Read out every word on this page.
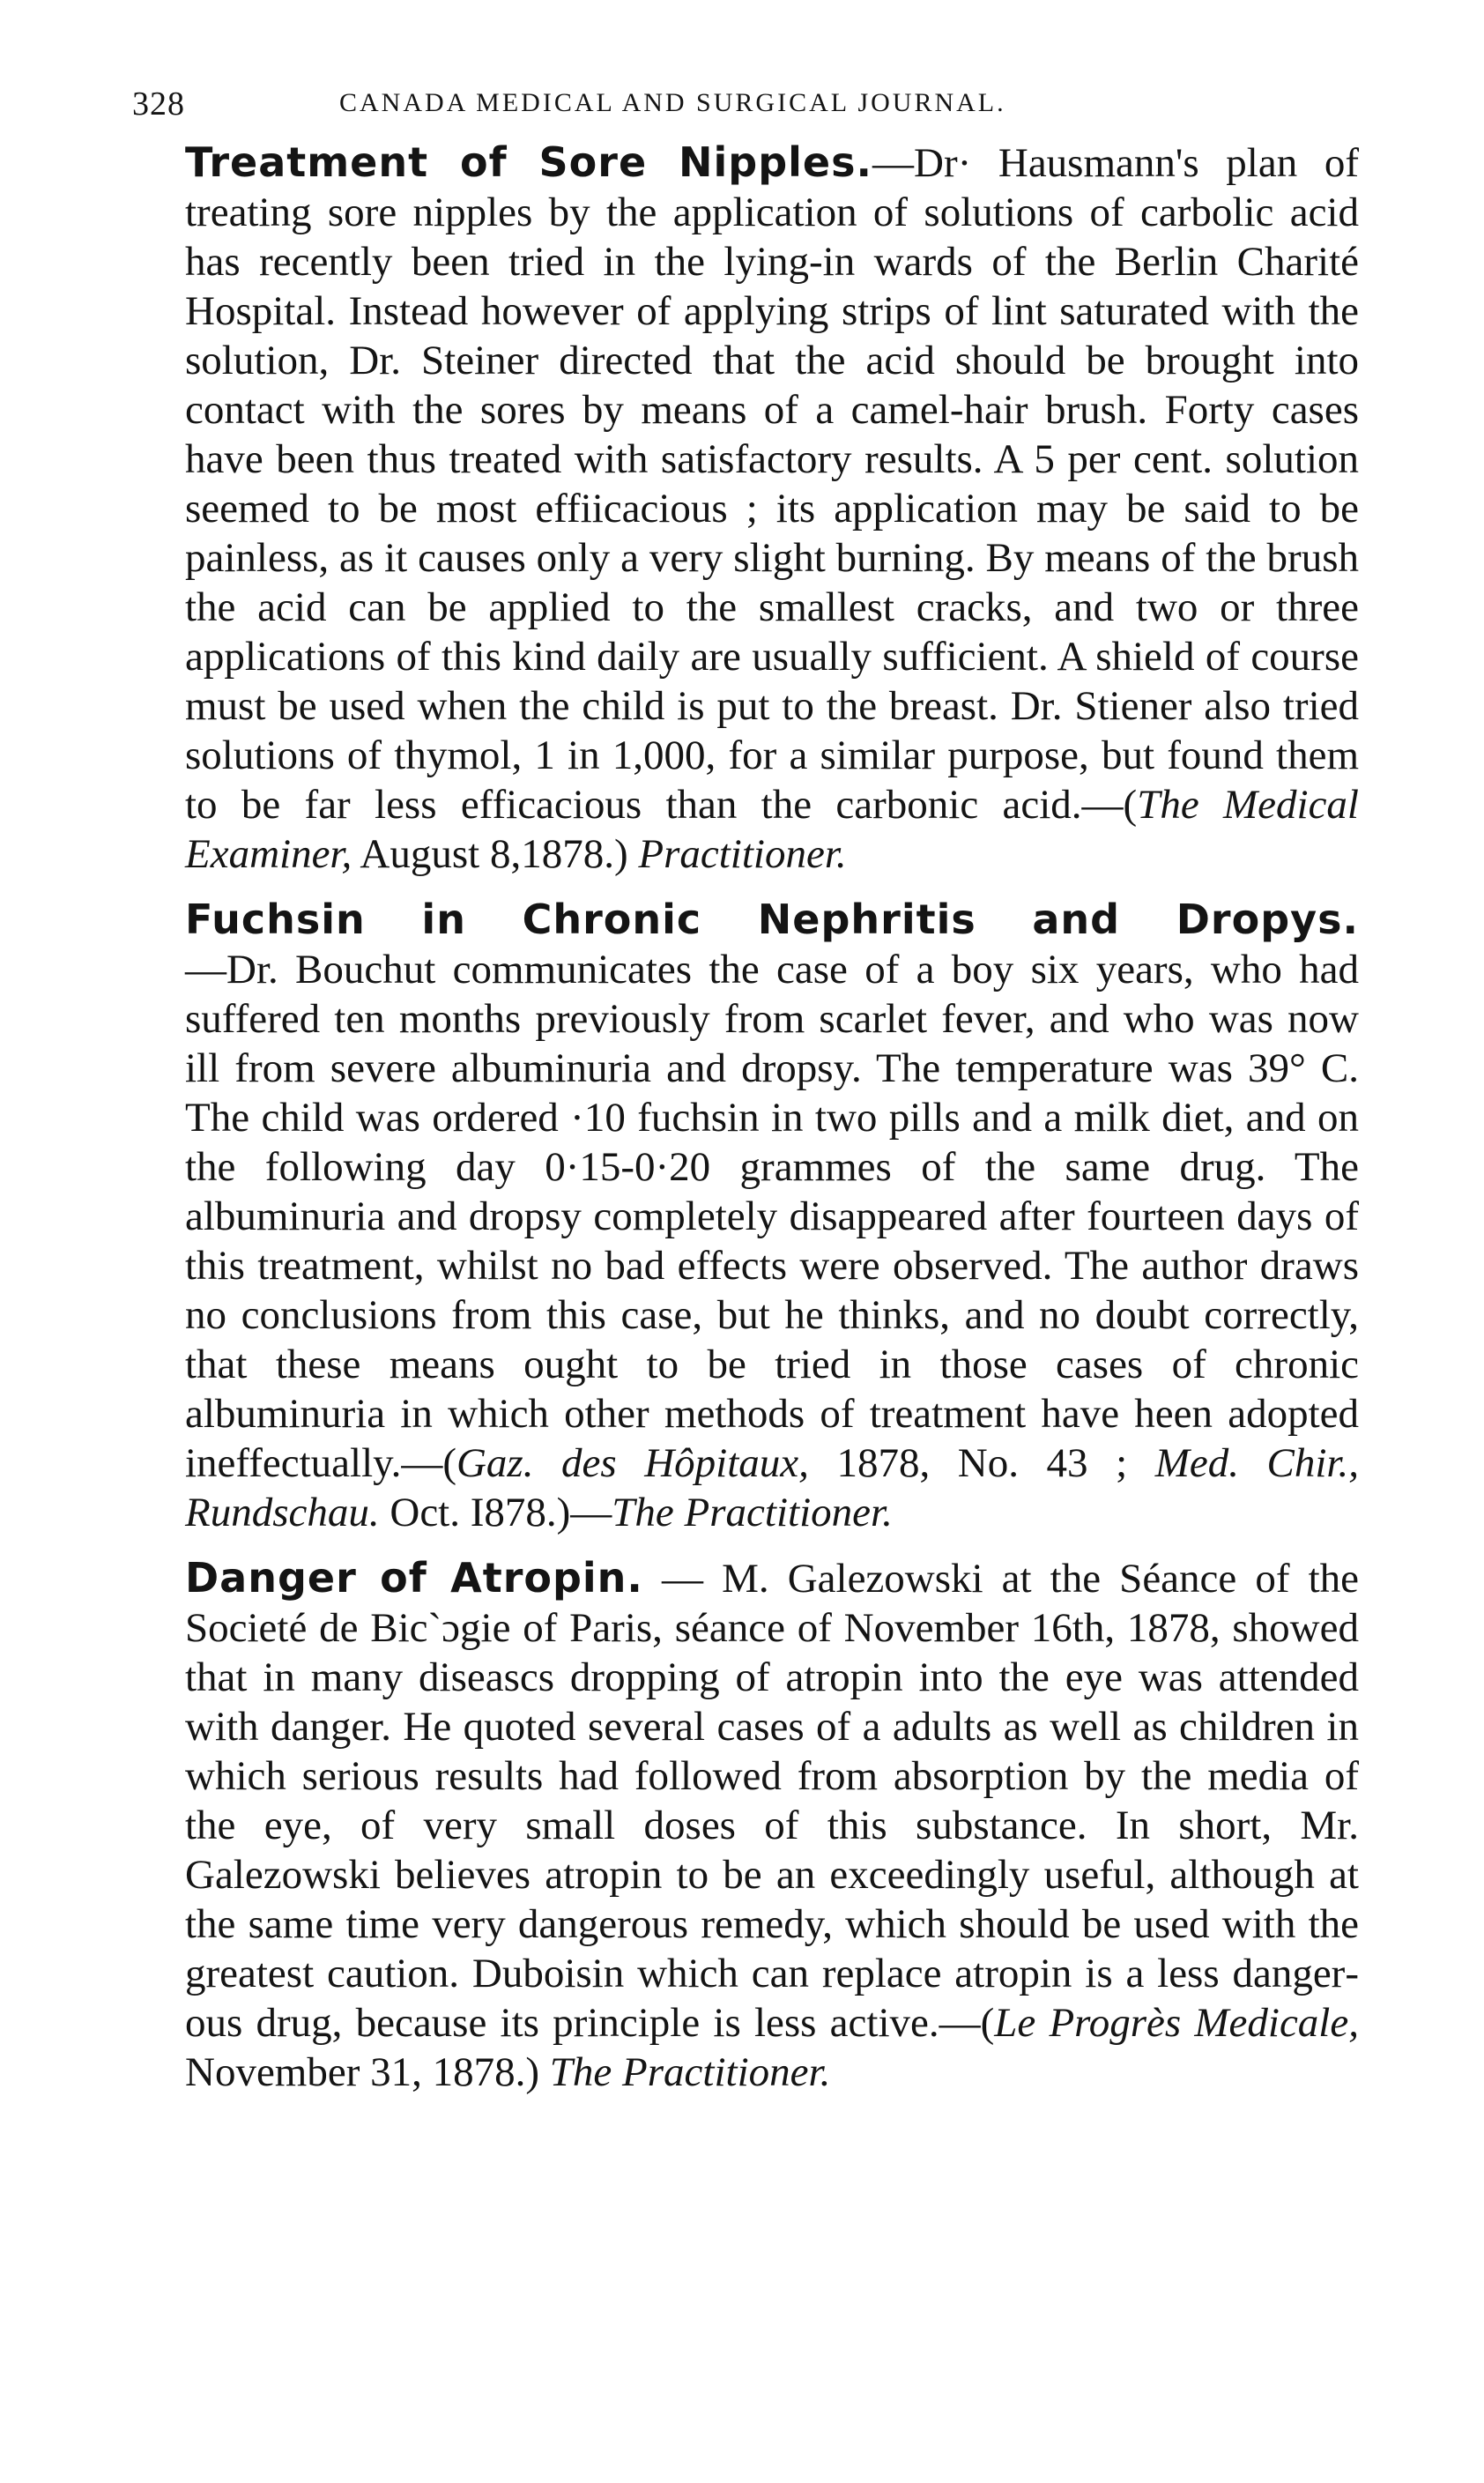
328	CANADA MEDICAL AND SURGICAL JOURNAL.

Treatment of Sore Nipples.—Dr· Hausmann's plan of treating sore nipples by the application of solutions of carbolic acid has recently been tried in the lying-in wards of the Berlin Charité Hospital. Instead however of applying strips of lint saturated with the solution, Dr. Steiner directed that the acid should be brought into contact with the sores by means of a camel-hair brush. Forty cases have been thus treated with satisfactory results. A 5 per cent. solution seemed to be most effiicacious ; its application may be said to be painless, as it causes only a very slight burning. By means of the brush the acid can be applied to the smallest cracks, and two or three applications of this kind daily are usually sufficient. A shield of course must be used when the child is put to the breast. Dr. Stiener also tried solutions of thymol, 1 in 1,000, for a similar purpose, but found them to be far less efficacious than the carbonic acid.—(The Medical Examiner, August 8,1878.) Practitioner.

Fuchsin in Chronic Nephritis and Dropys.—Dr. Bouchut communicates the case of a boy six years, who had suffered ten months previously from scarlet fever, and who was now ill from severe albuminuria and dropsy. The temperature was 39° C. The child was ordered ·10 fuchsin in two pills and a milk diet, and on the following day 0·15-0·20 grammes of the same drug. The albuminuria and dropsy completely disappeared after fourteen days of this treatment, whilst no bad effects were observed. The author draws no conclusions from this case, but he thinks, and no doubt correctly, that these means ought to be tried in those cases of chronic albuminuria in which other methods of treatment have heen adopted ineffectually.—(Gaz. des Hôpitaux, 1878, No. 43 ; Med. Chir., Rundschau. Oct. I878.)—The Practitioner.

Danger of Atropin. — M. Galezowski at the Séance of the Societé de Bic`ɔgie of Paris, séance of November 16th, 1878, showed that in many diseascs dropping of atropin into the eye was attended with danger. He quoted several cases of a adults as well as children in which serious results had followed from absorption by the media of the eye, of very small doses of this substance. In short, Mr. Galezowski believes atropin to be an exceedingly useful, although at the same time very dangerous remedy, which should be used with the greatest caution. Duboisin which can replace atropin is a less dangerous drug, because its principle is less active.—(Le Progrès Medicale, November 31, 1878.) The Practitioner.
